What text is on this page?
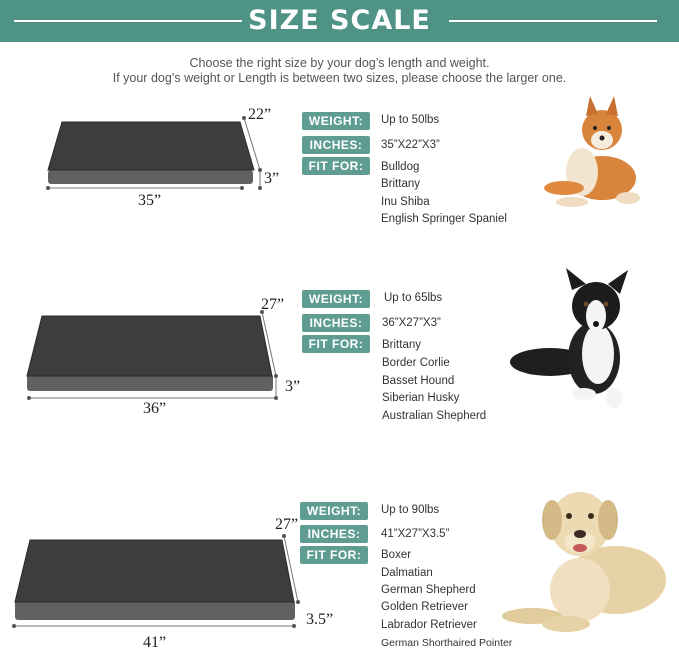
SIZE SCALE
Choose the right size by your dog’s length and weight.
If your dog’s weight or Length is between two sizes, please choose the larger one.
22”
3”
35”
WEIGHT:	Up to 50lbs
INCHES:	35”X22”X3”
FIT FOR:	Bulldog
Brittany
Inu Shiba
English Springer Spaniel
27”
3”
36”
WEIGHT:	Up to 65lbs
INCHES:	36”X27”X3”
FIT FOR:	Brittany
Border Corlie
Basset Hound
Siberian Husky
Australian Shepherd
27”
3.5”
41”
WEIGHT:	Up to 90lbs
INCHES:	41”X27”X3.5”
FIT FOR:	Boxer
Dalmatian
German Shepherd
Golden Retriever
Labrador Retriever
German Shorthaired Pointer
